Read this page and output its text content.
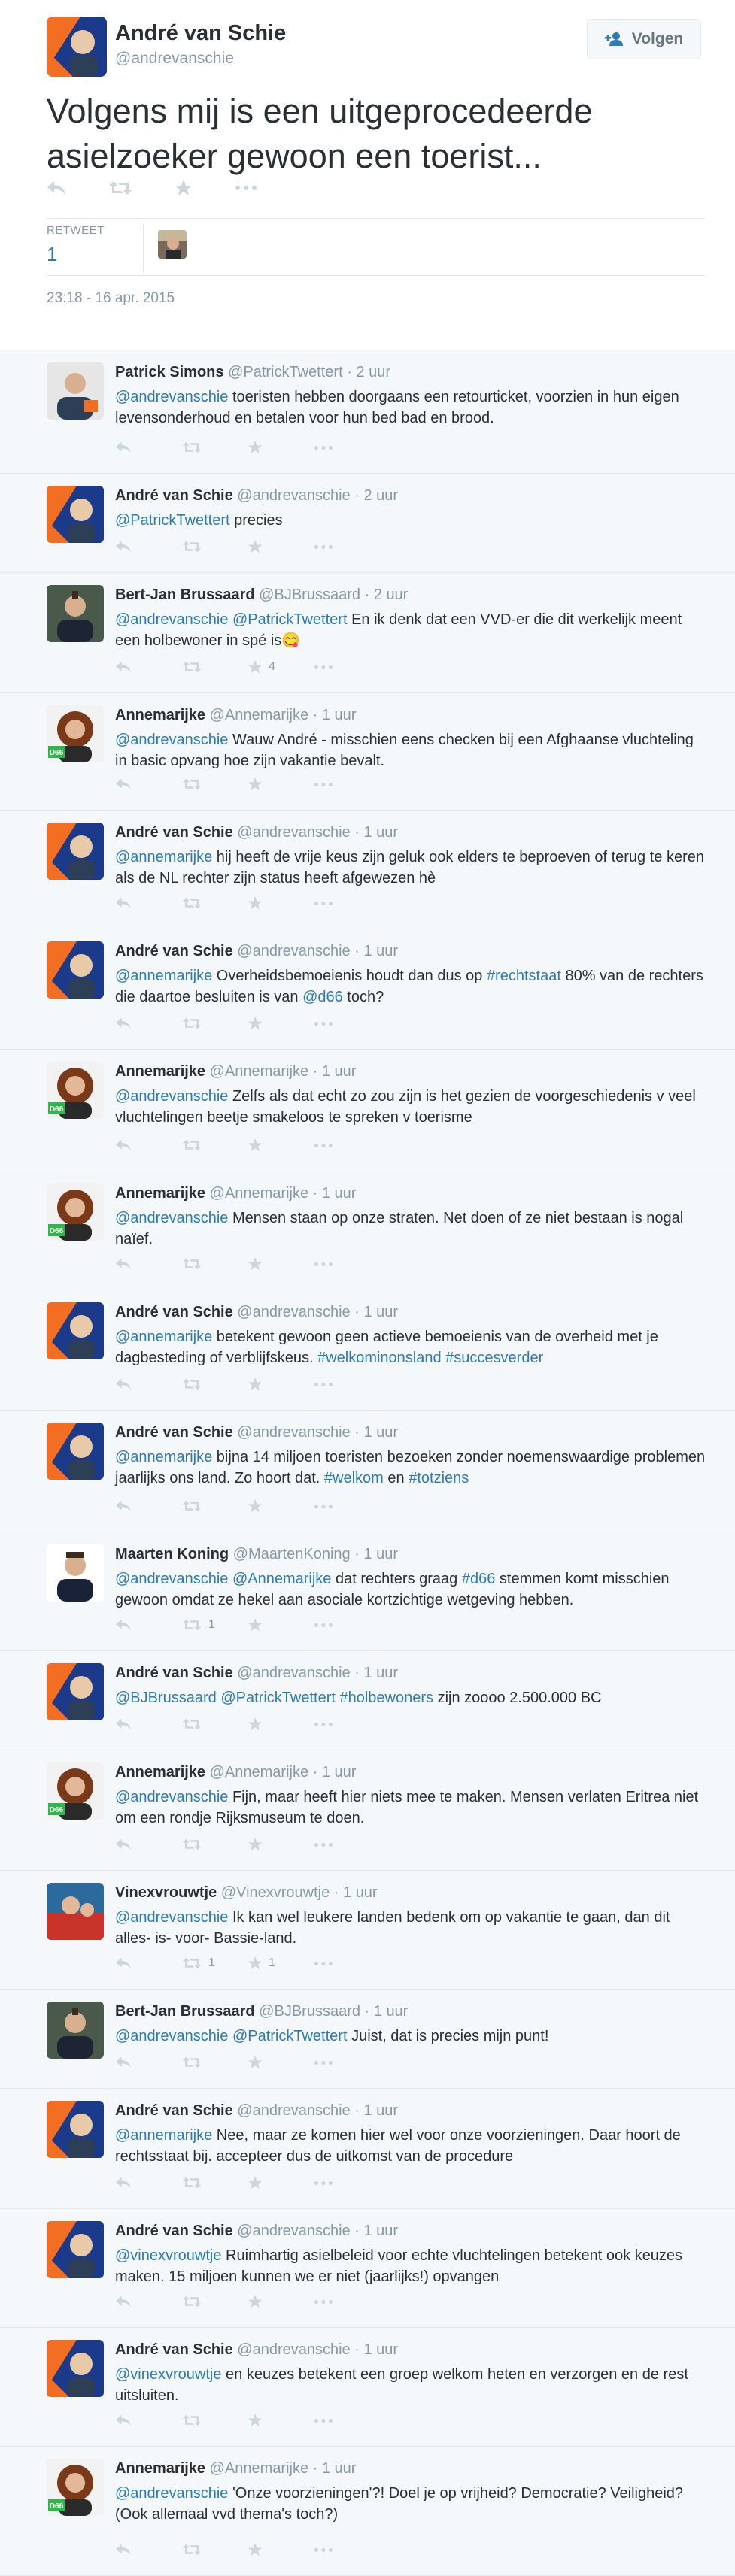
André van Schie
@andrevanschie
Volgen
Volgens mij is een uitgeprocedeerde asielzoeker gewoon een toerist...
RETWEET
1
23:18 - 16 apr. 2015
Patrick Simons @PatrickTwettert · 2 uur
@andrevanschie toeristen hebben doorgaans een retourticket, voorzien in hun eigen levensonderhoud en betalen voor hun bed bad en brood.
André van Schie @andrevanschie · 2 uur
@PatrickTwettert precies
Bert-Jan Brussaard @BJBrussaard · 2 uur
@andrevanschie @PatrickTwettert En ik denk dat een VVD-er die dit werkelijk meent een holbewoner in spé is😋
4
D66
Annemarijke @Annemarijke · 1 uur
@andrevanschie Wauw André - misschien eens checken bij een Afghaanse vluchteling in basic opvang hoe zijn vakantie bevalt.
André van Schie @andrevanschie · 1 uur
@annemarijke hij heeft de vrije keus zijn geluk ook elders te beproeven of terug te keren als de NL rechter zijn status heeft afgewezen hè
André van Schie @andrevanschie · 1 uur
@annemarijke Overheidsbemoeienis houdt dan dus op #rechtstaat 80% van de rechters die daartoe besluiten is van @d66 toch?
D66
Annemarijke @Annemarijke · 1 uur
@andrevanschie Zelfs als dat echt zo zou zijn is het gezien de voorgeschiedenis v veel vluchtelingen beetje smakeloos te spreken v toerisme
D66
Annemarijke @Annemarijke · 1 uur
@andrevanschie Mensen staan op onze straten. Net doen of ze niet bestaan is nogal naïef.
André van Schie @andrevanschie · 1 uur
@annemarijke betekent gewoon geen actieve bemoeienis van de overheid met je dagbesteding of verblijfskeus. #welkominonsland #succesverder
André van Schie @andrevanschie · 1 uur
@annemarijke bijna 14 miljoen toeristen bezoeken zonder noemenswaardige problemen jaarlijks ons land. Zo hoort dat. #welkom en #totziens
Maarten Koning @MaartenKoning · 1 uur
@andrevanschie @Annemarijke dat rechters graag #d66 stemmen komt misschien gewoon omdat ze hekel aan asociale kortzichtige wetgeving hebben.
1
André van Schie @andrevanschie · 1 uur
@BJBrussaard @PatrickTwettert #holbewoners zijn zoooo 2.500.000 BC
D66
Annemarijke @Annemarijke · 1 uur
@andrevanschie Fijn, maar heeft hier niets mee te maken. Mensen verlaten Eritrea niet om een rondje Rijksmuseum te doen.
Vinexvrouwtje @Vinexvrouwtje · 1 uur
@andrevanschie Ik kan wel leukere landen bedenk om op vakantie te gaan, dan dit alles- is- voor- Bassie-land.
1	1
Bert-Jan Brussaard @BJBrussaard · 1 uur
@andrevanschie @PatrickTwettert Juist, dat is precies mijn punt!
André van Schie @andrevanschie · 1 uur
@annemarijke Nee, maar ze komen hier wel voor onze voorzieningen. Daar hoort de rechtsstaat bij. accepteer dus de uitkomst van de procedure
André van Schie @andrevanschie · 1 uur
@vinexvrouwtje Ruimhartig asielbeleid voor echte vluchtelingen betekent ook keuzes maken. 15 miljoen kunnen we er niet (jaarlijks!) opvangen
André van Schie @andrevanschie · 1 uur
@vinexvrouwtje en keuzes betekent een groep welkom heten en verzorgen en de rest uitsluiten.
D66
Annemarijke @Annemarijke · 1 uur
@andrevanschie 'Onze voorzieningen'?! Doel je op vrijheid? Democratie? Veiligheid? (Ook allemaal vvd thema's toch?)
